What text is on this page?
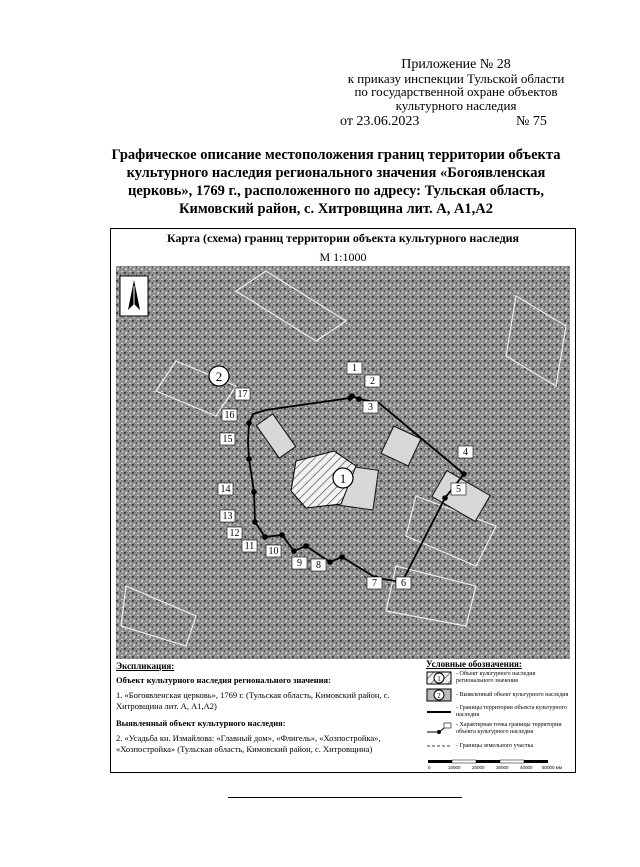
Приложение № 28
к приказу инспекции Тульской области
по государственной охране объектов
культурного наследия
от 23.06.2023	№ 75
Графическое описание местоположения границ территории объекта культурного наследия регионального значения «Богоявленская церковь», 1769 г., расположенного по адресу: Тульская область, Кимовский район, с. Хитровщина лит. А, А1,А2
Карта (схема) границ территории объекта культурного наследия
М 1:1000
1
2
1
2
3
4
5
6
7
8
9
10
11
12
13
14
15
16
17
Экспликация:
Объект культурного наследия регионального значения:
1. «Богоявленская церковь», 1769 г. (Тульская область, Кимовский район, с. Хитровщина лит. А, А1,А2)
Выявленный объект культурного наследия:
2. «Усадьба кн. Измайлова: «Главный дом», «Флигель», «Хозпостройка», «Хозпостройка» (Тульская область, Кимовский район, с. Хитровщина)
Условные обозначения:
1
- Объект культурного наследия регионального значения
2	- Выявленный объект культурного наследия
- Границы территории объекта культурного наследия
- Характерная точка границы территории объекта культурного наследия
- Границы земельного участка
0	10000	20000	30000	40000 50000 мм
